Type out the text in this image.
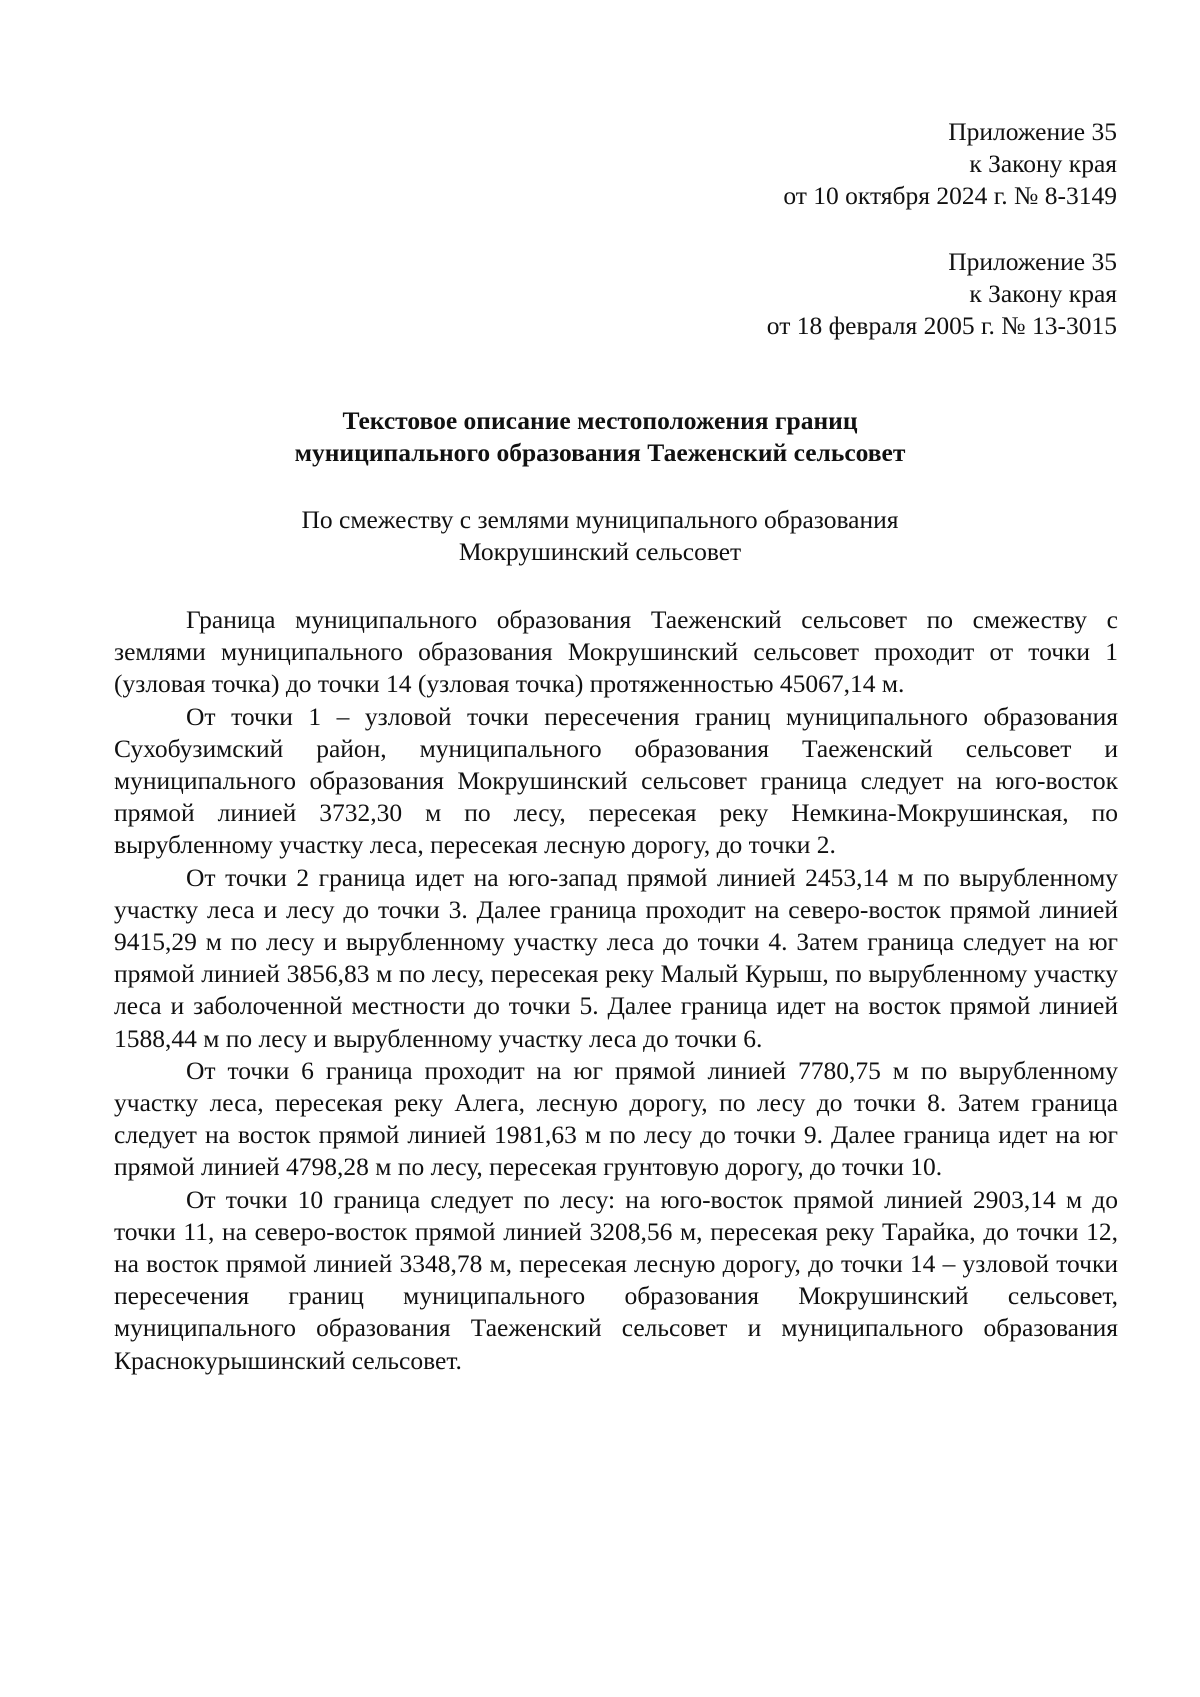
Приложение 35
к Закону края
от 10 октября 2024 г. № 8-3149
Приложение 35
к Закону края
от 18 февраля 2005 г. № 13-3015
Текстовое описание местоположения границ
муниципального образования Таеженский сельсовет
По смежеству с землями муниципального образования
Мокрушинский сельсовет

Граница муниципального образования Таеженский сельсовет по смежеству с землями муниципального образования Мокрушинский сельсовет проходит от точки 1 (узловая точка) до точки 14 (узловая точка) протяженностью 45067,14 м.

От точки 1 – узловой точки пересечения границ муниципального образования Сухобузимский район, муниципального образования Таеженский сельсовет и муниципального образования Мокрушинский сельсовет граница следует на юго-восток прямой линией 3732,30 м по лесу, пересекая реку Немкина-Мокрушинская, по вырубленному участку леса, пересекая лесную дорогу, до точки 2.

От точки 2 граница идет на юго-запад прямой линией 2453,14 м по вырубленному участку леса и лесу до точки 3. Далее граница проходит на северо-восток прямой линией 9415,29 м по лесу и вырубленному участку леса до точки 4. Затем граница следует на юг прямой линией 3856,83 м по лесу, пересекая реку Малый Курыш, по вырубленному участку леса и заболоченной местности до точки 5. Далее граница идет на восток прямой линией 1588,44 м по лесу и вырубленному участку леса до точки 6.

От точки 6 граница проходит на юг прямой линией 7780,75 м по вырубленному участку леса, пересекая реку Алега, лесную дорогу, по лесу до точки 8. Затем граница следует на восток прямой линией 1981,63 м по лесу до точки 9. Далее граница идет на юг прямой линией 4798,28 м по лесу, пересекая грунтовую дорогу, до точки 10.

От точки 10 граница следует по лесу: на юго-восток прямой линией 2903,14 м до точки 11, на северо-восток прямой линией 3208,56 м, пересекая реку Тарайка, до точки 12, на восток прямой линией 3348,78 м, пересекая лесную дорогу, до точки 14 – узловой точки пересечения границ муниципального образования Мокрушинский сельсовет, муниципального образования Таеженский сельсовет и муниципального образования Краснокурышинский сельсовет.
